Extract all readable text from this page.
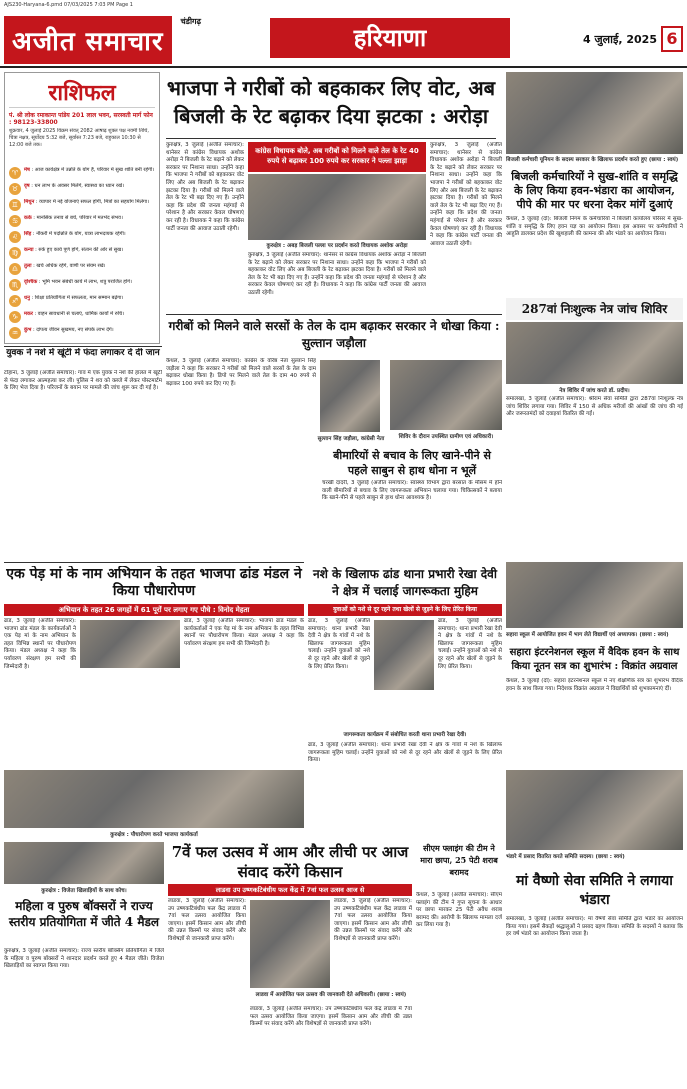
AJS230-Haryana-6.pmd 07/03/2025 7:03 PM Page 1
अजीत समाचार $^{चंडीगढ़}$
हरियाणा	4 जुलाई, 2025 6
राशिफल
पं. श्री लोक रमाकान्त पांडेय 201 लाल भवन, सरस्वती मार्ग फोन : 98123-33800
शुक्रवार, 4 जुलाई 2025 विक्रम संवत् 2082 आषाढ़ शुक्ल पक्ष नवमी तिथि, चित्रा नक्षत्र, सूर्योदय 5:32 बजे, सूर्यास्त 7:23 बजे, राहुकाल 10:30 से 12:00 बजे तक।
♈	मेष : आज कार्यक्षेत्र में उन्नति के योग हैं, परिवार में सुख शांति बनी रहेगी।
♉	वृष : धन लाभ के अवसर मिलेंगे, स्वास्थ्य का ध्यान रखें।
♊	मिथुन : व्यापार में नई योजनाएं सफल होंगी, मित्रों का सहयोग मिलेगा।
♋	कर्क : मानसिक तनाव से बचें, परिवार में मतभेद संभव।
♌	सिंह : नौकरी में पदोन्नति के योग, यात्रा लाभदायक रहेगी।
♍	कन्या : रुके हुए कार्य पूर्ण होंगे, संतान की ओर से सुख।
♎	तुला : खर्च अधिक रहेंगे, वाणी पर संयम रखें।
♏	वृश्चिक : भूमि भवन संबंधी कार्य में लाभ, शत्रु पराजित होंगे।
♐	धनु : शिक्षा प्रतियोगिता में सफलता, मान सम्मान बढ़ेगा।
♑	मकर : वाहन सावधानी से चलाएं, धार्मिक कार्यों में रुचि।
♒	कुंभ : दांपत्य जीवन सुखमय, नए संपर्क लाभ देंगे।
भाजपा ने गरीबों को बहकाकर लिए वोट, अब बिजली के रेट बढ़ाकर दिया झटका : अरोड़ा
कांग्रेस विधायक बोले, अब गरीबों को मिलने वाले तेल के रेट 40 रुपये से बढ़ाकर 100 रुपये कर सरकार ने पल्ला झाड़ा
कुरुक्षेत्र : अबड़ बिजली पल्ला पर प्रदर्शन करते विधायक अशोक अरोड़ा
कुरुक्षेत्र, 3 जुलाई (अजीत समाचार): थानेसर से कांग्रेस विधायक अशोक अरोड़ा ने बिजली के रेट बढ़ाने को लेकर सरकार पर निशाना साधा। उन्होंने कहा कि भाजपा ने गरीबों को बहकाकर वोट लिए और अब बिजली के रेट बढ़ाकर झटका दिया है। गरीबों को मिलने वाले तेल के रेट भी बढ़ा दिए गए हैं। उन्होंने कहा कि प्रदेश की जनता महंगाई से परेशान है और सरकार केवल घोषणाएं कर रही है। विधायक ने कहा कि कांग्रेस पार्टी जनता की आवाज उठाती रहेगी।
कुरुक्षेत्र, 3 जुलाई (अजीत समाचार): थानेसर से कांग्रेस विधायक अशोक अरोड़ा ने बिजली के रेट बढ़ाने को लेकर सरकार पर निशाना साधा। उन्होंने कहा कि भाजपा ने गरीबों को बहकाकर वोट लिए और अब बिजली के रेट बढ़ाकर झटका दिया है। गरीबों को मिलने वाले तेल के रेट भी बढ़ा दिए गए हैं। उन्होंने कहा कि प्रदेश की जनता महंगाई से परेशान है और सरकार केवल घोषणाएं कर रही है। विधायक ने कहा कि कांग्रेस पार्टी जनता की आवाज उठाती रहेगी।
कुरुक्षेत्र, 3 जुलाई (अजीत समाचार): थानेसर से कांग्रेस विधायक अशोक अरोड़ा ने बिजली के रेट बढ़ाने को लेकर सरकार पर निशाना साधा। उन्होंने कहा कि भाजपा ने गरीबों को बहकाकर वोट लिए और अब बिजली के रेट बढ़ाकर झटका दिया है। गरीबों को मिलने वाले तेल के रेट भी बढ़ा दिए गए हैं। उन्होंने कहा कि प्रदेश की जनता महंगाई से परेशान है और सरकार केवल घोषणाएं कर रही है। विधायक ने कहा कि कांग्रेस पार्टी जनता की आवाज उठाती रहेगी।
बिजली कर्मचारी यूनियन के सदस्य सरकार के खिलाफ प्रदर्शन करते हुए (छाया : स्वयं)
बिजली कर्मचारियों ने सुख-शांति व समृद्धि के लिए किया हवन-भंडारा का आयोजन, पीपे की मार पर धरना देकर मांगें दुआएं
कैथल, 3 जुलाई (दो): बिजली निगम के कर्मचारियों ने बिजली कार्यालय परिसर में सुख-शांति व समृद्धि के लिए हवन यज्ञ का आयोजन किया। इस अवसर पर कर्मचारियों ने आहुति डालकर प्रदेश की खुशहाली की कामना की और भंडारे का आयोजन किया।
287वां निःशुल्क नेत्र जांच शिविर
नेत्र शिविर में जांच करते डॉ. प्रदीप।
समालखा, 3 जुलाई (अजीत समाचार): श्रीराम सेवा समिति द्वारा 287वां निःशुल्क नेत्र जांच शिविर लगाया गया। शिविर में 150 से अधिक मरीजों की आंखों की जांच की गई और जरूरतमंदों को दवाइयां वितरित की गईं।
गरीबों को मिलने वाले सरसों के तेल के दाम बढ़ाकर सरकार ने धोखा किया : सुल्तान जड़ौला
कैथल, 3 जुलाई (अजीत समाचार): कांग्रेस के वरिष्ठ नेता सुल्तान सिंह जड़ौला ने कहा कि सरकार ने गरीबों को मिलने वाले सरसों के तेल के दाम बढ़ाकर धोखा किया है। डिपो पर मिलने वाले तेल के दाम 40 रुपये से बढ़ाकर 100 रुपये कर दिए गए हैं।
सुल्तान सिंह जड़ौला, कांग्रेसी नेता	शिविर के दौरान उपस्थित ग्रामीण एवं अधिकारी।
युवक ने नशे में खूंटी में फंदा लगाकर दे दी जान
टोहाना, 3 जुलाई (अजीत समाचार): गांव में एक युवक ने नशे की हालत में खूंटी से फंदा लगाकर आत्महत्या कर ली। पुलिस ने शव को कब्जे में लेकर पोस्टमार्टम के लिए भेज दिया है। परिजनों के बयान पर मामले की जांच शुरू कर दी गई है।
बीमारियों से बचाव के लिए खाने-पीने से पहले साबुन से हाथ धोना न भूलें
चरखी दादरी, 3 जुलाई (अजीत समाचार): स्वास्थ्य विभाग द्वारा बरसात के मौसम में होने वाली बीमारियों से बचाव के लिए जागरूकता अभियान चलाया गया। चिकित्सकों ने बताया कि खाने-पीने से पहले साबुन से हाथ धोना आवश्यक है।
एक पेड़ मां के नाम अभियान के तहत भाजपा ढांड मंडल ने किया पौधारोपण
अभियान के तहत 26 जगहों में 61 पूरों पर लगाए गए पौधे : विनोद मेहता
ढांड, 3 जुलाई (अजीत समाचार): भाजपा ढांड मंडल के कार्यकर्ताओं ने एक पेड़ मां के नाम अभियान के तहत विभिन्न स्थानों पर पौधारोपण किया। मंडल अध्यक्ष ने कहा कि पर्यावरण संरक्षण हम सभी की जिम्मेदारी है।
ढांड, 3 जुलाई (अजीत समाचार): भाजपा ढांड मंडल के कार्यकर्ताओं ने एक पेड़ मां के नाम अभियान के तहत विभिन्न स्थानों पर पौधारोपण किया। मंडल अध्यक्ष ने कहा कि पर्यावरण संरक्षण हम सभी की जिम्मेदारी है।
कुरुक्षेत्र : पौधारोपण करते भाजपा कार्यकर्ता
नशे के खिलाफ ढांड थाना प्रभारी रेखा देवी ने क्षेत्र में चलाई जागरूकता मुहिम
युवाओं को नशे से दूर रहने तथा खेलों से जुड़ने के लिए प्रेरित किया
ढांड, 3 जुलाई (अजीत समाचार): थाना प्रभारी रेखा देवी ने क्षेत्र के गांवों में नशे के खिलाफ जागरूकता मुहिम चलाई। उन्होंने युवाओं को नशे से दूर रहने और खेलों से जुड़ने के लिए प्रेरित किया।
ढांड, 3 जुलाई (अजीत समाचार): थाना प्रभारी रेखा देवी ने क्षेत्र के गांवों में नशे के खिलाफ जागरूकता मुहिम चलाई। उन्होंने युवाओं को नशे से दूर रहने और खेलों से जुड़ने के लिए प्रेरित किया।
जागरूकता कार्यक्रम में संबोधित करती थाना प्रभारी रेखा देवी।
ढांड, 3 जुलाई (अजीत समाचार): थाना प्रभारी रेखा देवी ने क्षेत्र के गांवों में नशे के खिलाफ जागरूकता मुहिम चलाई। उन्होंने युवाओं को नशे से दूर रहने और खेलों से जुड़ने के लिए प्रेरित किया।
सहारा स्कूल में आयोजित हवन में भाग लेते विद्यार्थी एवं अध्यापक। (छाया : स्वयं)
सहारा इंटरनेशनल स्कूल में वैदिक हवन के साथ किया नूतन सत्र का शुभारंभ : विक्रांत अग्रवाल
कैथल, 3 जुलाई (दो): सहारा इंटरनेशनल स्कूल में नए शैक्षणिक सत्र का शुभारंभ वैदिक हवन के साथ किया गया। निदेशक विक्रांत अग्रवाल ने विद्यार्थियों को शुभकामनाएं दीं।
कुरुक्षेत्र : विजेता खिलाड़ियों के साथ कोच।
महिला व पुरुष बॉक्सरों ने राज्य स्तरीय प्रतियोगिता में जीते 4 मैडल
कुरुक्षेत्र, 3 जुलाई (अजीत समाचार): राज्य स्तरीय बॉक्सिंग प्रतियोगिता में जिले के महिला व पुरुष बॉक्सरों ने शानदार प्रदर्शन करते हुए 4 मैडल जीते। विजेता खिलाड़ियों का स्वागत किया गया।
7वें फल उत्सव में आम और लीची पर आज संवाद करेंगे किसान
लाडवा उप उष्णकटिबंधीय फल केंद्र में 7वां फल उत्सव आज से
लाडवा, 3 जुलाई (अजीत समाचार): उप उष्णकटिबंधीय फल केंद्र लाडवा में 7वां फल उत्सव आयोजित किया जाएगा। इसमें किसान आम और लीची की उन्नत किस्मों पर संवाद करेंगे और विशेषज्ञों से जानकारी प्राप्त करेंगे।
लाडवा में आयोजित फल उत्सव की जानकारी देते अधिकारी। (छाया : स्वयं)
लाडवा, 3 जुलाई (अजीत समाचार): उप उष्णकटिबंधीय फल केंद्र लाडवा में 7वां फल उत्सव आयोजित किया जाएगा। इसमें किसान आम और लीची की उन्नत किस्मों पर संवाद करेंगे और विशेषज्ञों से जानकारी प्राप्त करेंगे।
लाडवा, 3 जुलाई (अजीत समाचार): उप उष्णकटिबंधीय फल केंद्र लाडवा में 7वां फल उत्सव आयोजित किया जाएगा। इसमें किसान आम और लीची की उन्नत किस्मों पर संवाद करेंगे और विशेषज्ञों से जानकारी प्राप्त करेंगे।
सीएम फ्लाइंग की टीम ने मारा छापा, 25 पेटी शराब बरामद
कैथल, 3 जुलाई (अजीत समाचार): सीएम फ्लाइंग की टीम ने गुप्त सूचना के आधार पर छापा मारकर 25 पेटी अवैध शराब बरामद की। आरोपी के खिलाफ मामला दर्ज कर लिया गया है।
भंडारे में प्रसाद वितरित करते समिति सदस्य। (छाया : स्वयं)
मां वैष्णो सेवा समिति ने लगाया भंडारा
समालखा, 3 जुलाई (अजीत समाचार): मां वैष्णो सेवा समिति द्वारा भंडारे का आयोजन किया गया। इसमें सैकड़ों श्रद्धालुओं ने प्रसाद ग्रहण किया। समिति के सदस्यों ने बताया कि हर वर्ष भंडारे का आयोजन किया जाता है।
